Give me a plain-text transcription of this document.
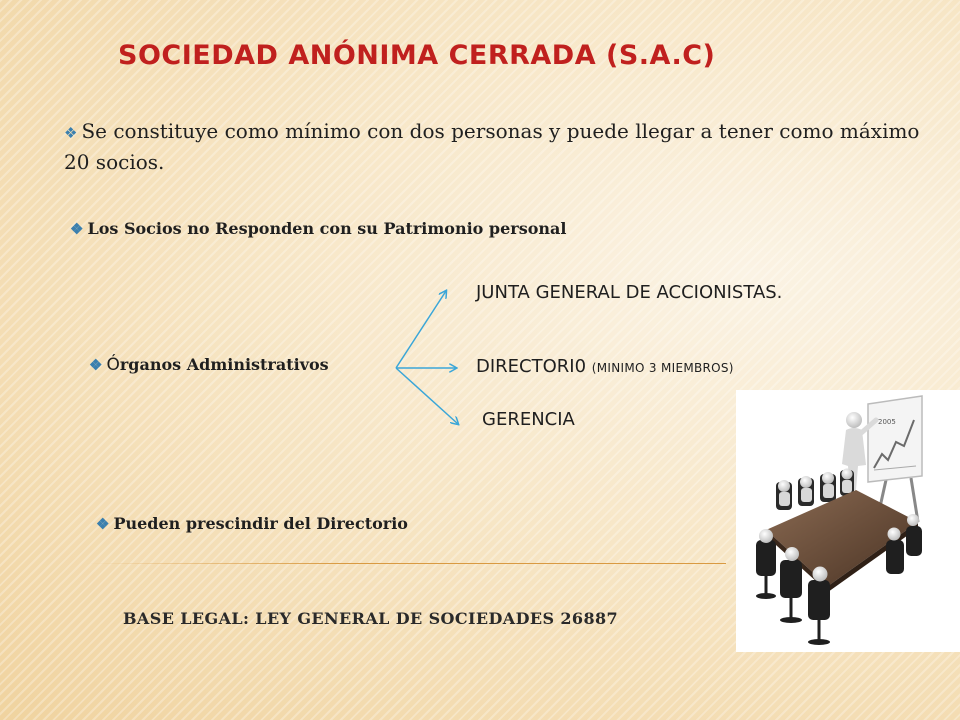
SOCIEDAD ANÓNIMA CERRADA (S.A.C)
❖ Se constituye como mínimo con dos personas y puede llegar a tener como máximo 20 socios.
❖ Los Socios no Responden con su Patrimonio personal
❖ Órganos Administrativos
JUNTA GENERAL DE ACCIONISTAS.
DIRECTORI0 (MINIMO 3 MIEMBROS)
GERENCIA
❖ Pueden prescindir del Directorio
BASE LEGAL: LEY GENERAL DE SOCIEDADES 26887
2005
